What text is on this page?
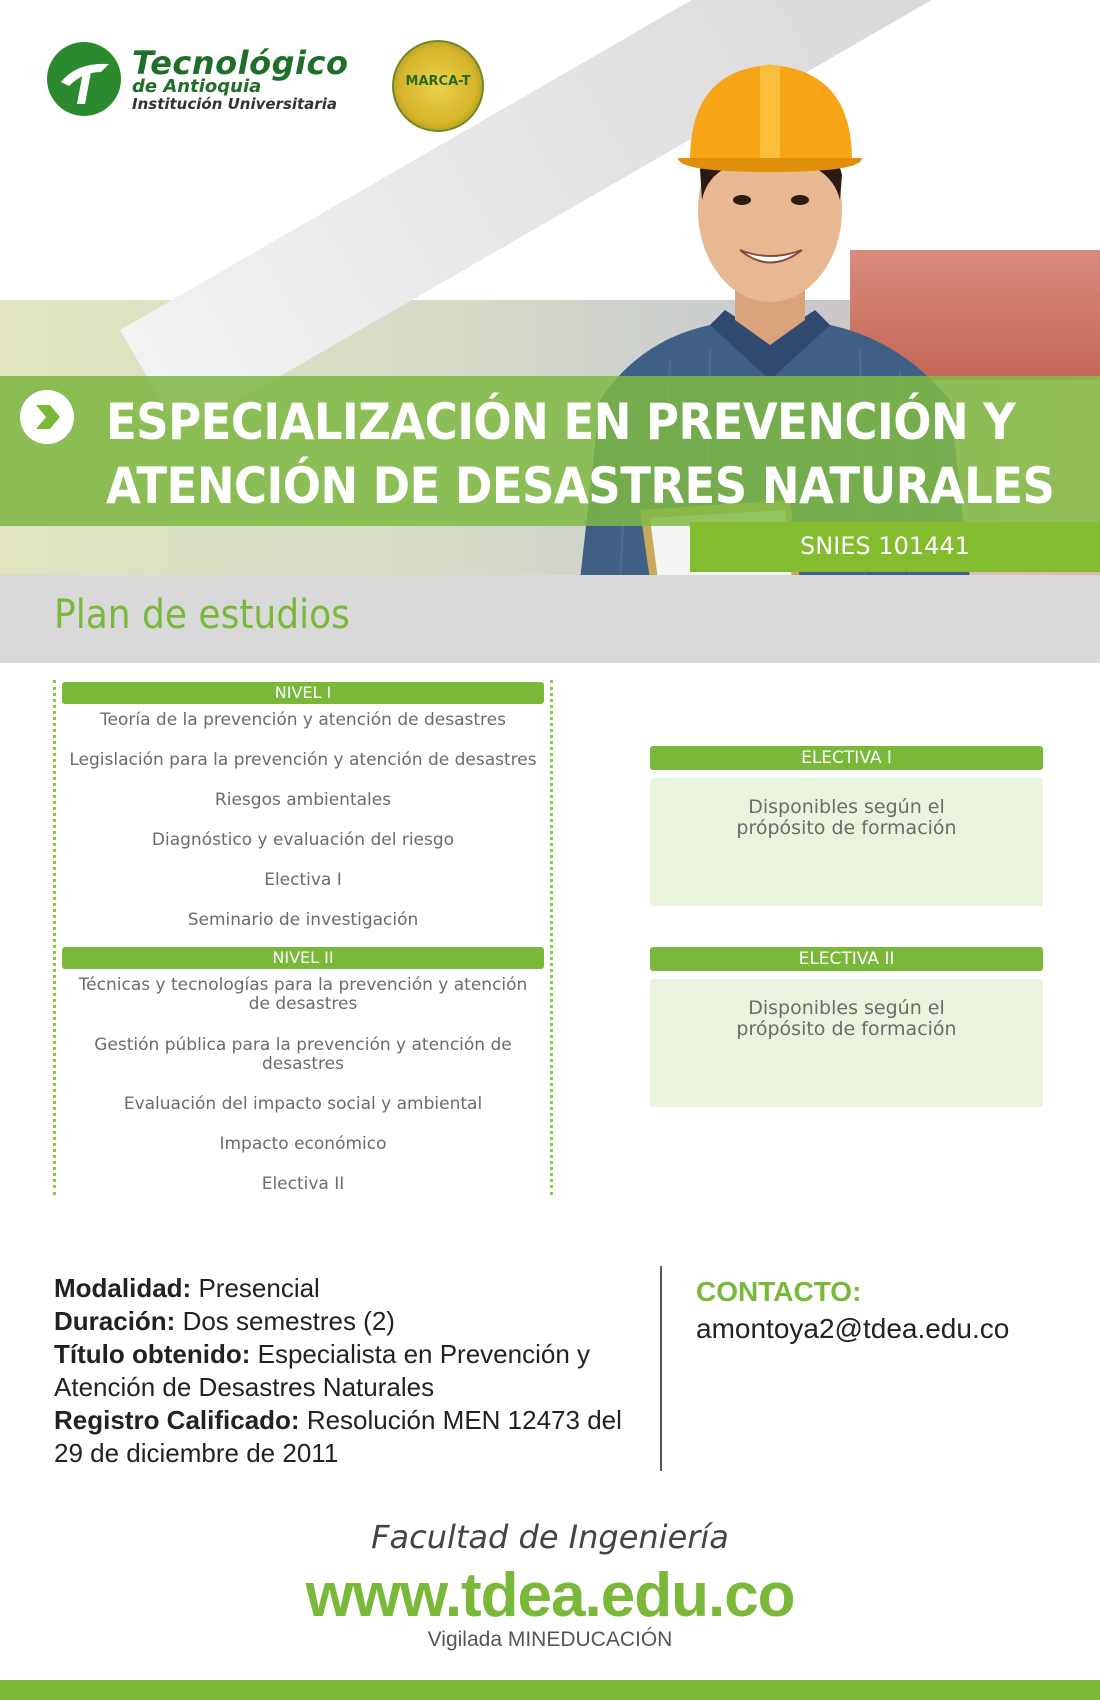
Tecnológico
de Antioquia
Institución Universitaria
MARCA-T
ESPECIALIZACIÓN EN PREVENCIÓN Y
ATENCIÓN DE DESASTRES NATURALES
SNIES 101441
Plan de estudios
NIVEL I
Teoría de la prevención y atención de desastres
Legislación para la prevención y atención de desastres
Riesgos ambientales
Diagnóstico y evaluación del riesgo
Electiva I
Seminario de investigación
NIVEL II
Técnicas y tecnologías para la prevención y atención de desastres
Gestión pública para la prevención y atención de desastres
Evaluación del impacto social y ambiental
Impacto económico
Electiva II
ELECTIVA I
Disponibles según el
própósito de formación
ELECTIVA II
Disponibles según el
própósito de formación
Modalidad: Presencial
Duración: Dos semestres (2)
Título obtenido: Especialista en Prevención y Atención de Desastres Naturales
Registro Calificado: Resolución MEN 12473 del 29 de diciembre de 2011
CONTACTO:
amontoya2@tdea.edu.co
Facultad de Ingeniería
www.tdea.edu.co
Vigilada MINEDUCACIÓN
